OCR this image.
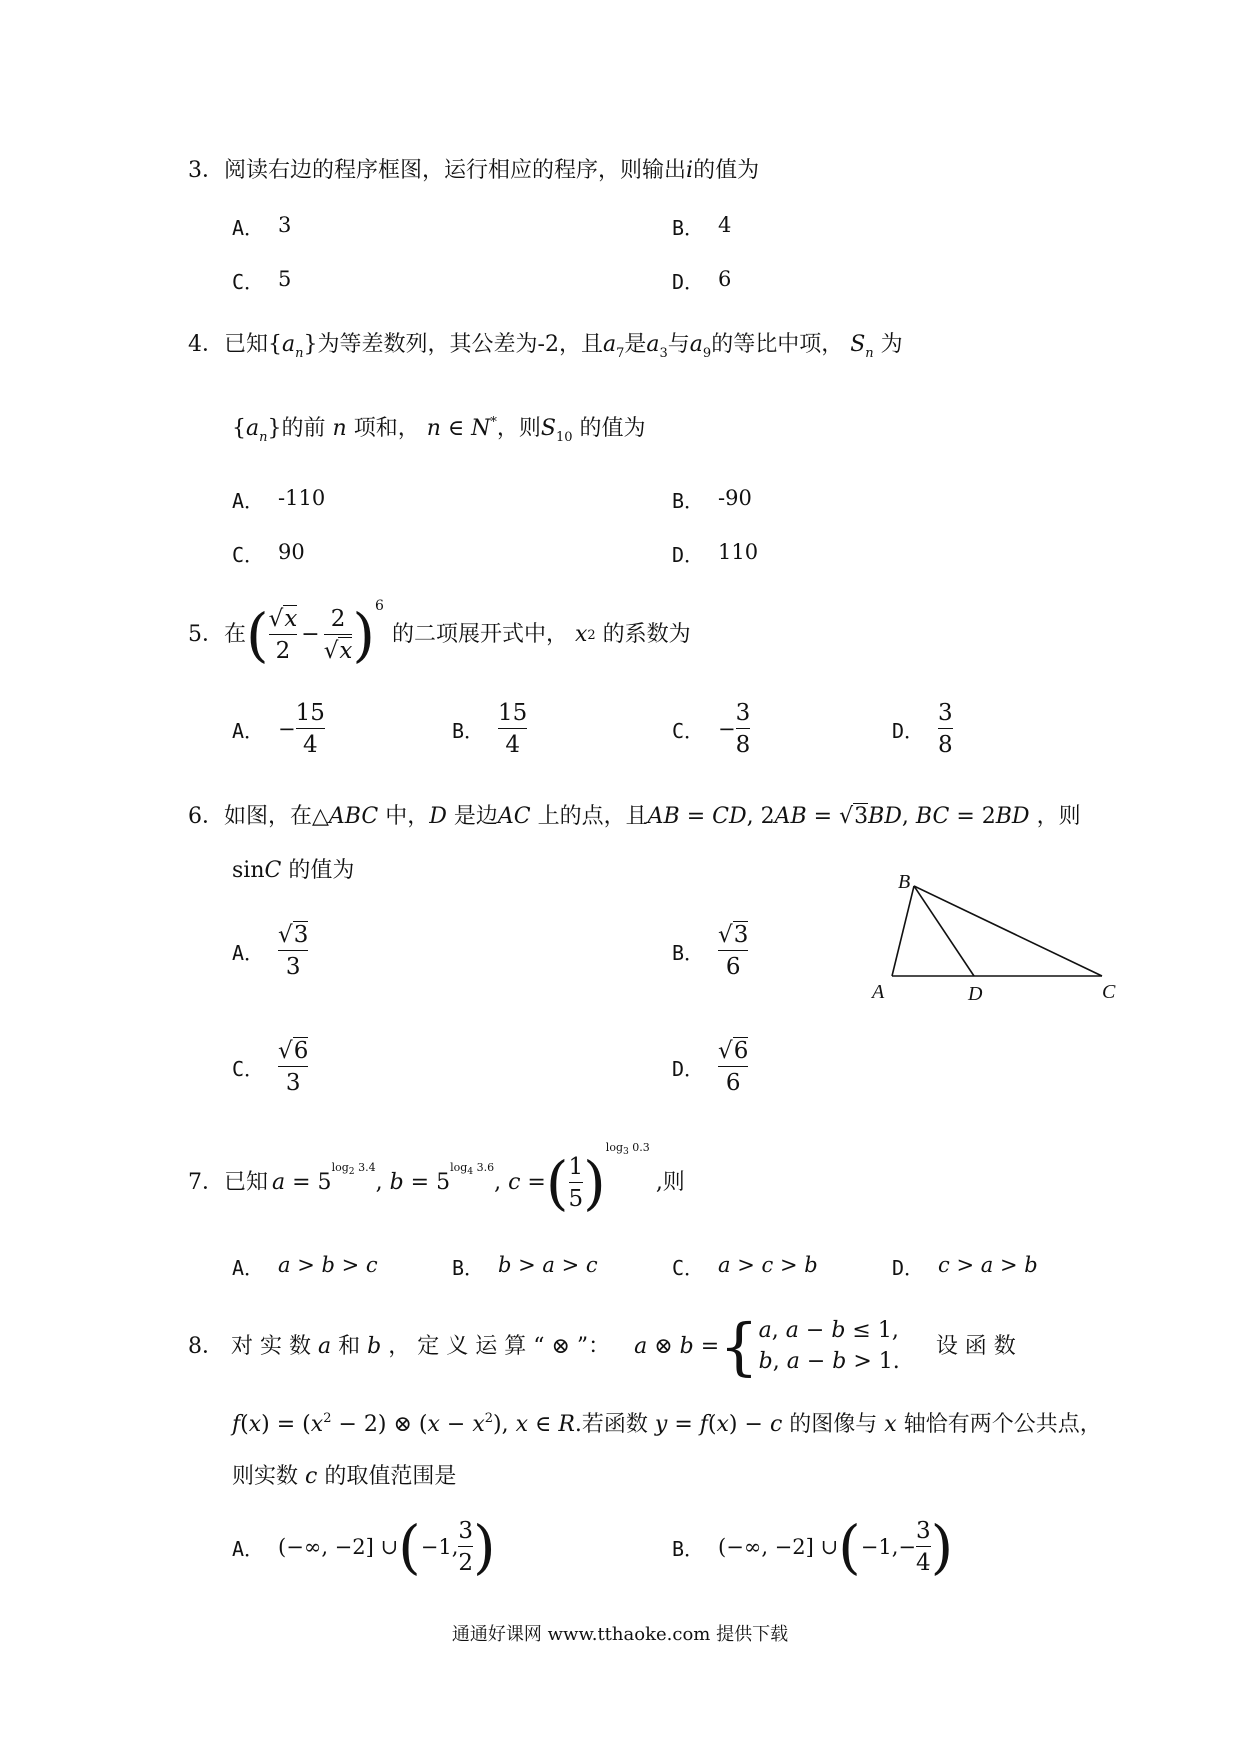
3．阅读右边的程序框图，运行相应的程序，则输出i的值为
A． 3	B． 4
C． 5	D． 6
4．已知$\{a_n\}$为等差数列，其公差为-2，且$a_7$是$a_3$与$a_9$的等比中项， $S_n$ 为
$\{a_n\}$的前 n 项和， n ∈ N*，则$S_{10}$ 的值为
A． -110	B． -90
C． 90	D． 110
5． 在 ( $\frac{√x}{2} - \frac{2}{√x}$ ) 6
的二项展开式中，
x 2
的系数为
A． − $\frac{15}{4}$	B． $\frac{15}{4}$	C． − $\frac{3}{8}$	D． $\frac{3}{8}$
6．如图，在△ABC 中，D 是边AC 上的点，且AB = CD, 2AB = √3BD, BC = 2BD ，则
sinC 的值为	B
A	D	C
A． $\frac{√3}{3}$	B． $\frac{√3}{6}$
C． $\frac{√6}{3}$	D． $\frac{√6}{6}$
7． 已知 a = 5
$\log_2 3.4$
, b = 5
$\log_4 3.6$
, c = ( $\frac{1}{5}$ )
$\log_3 0.3$
,则
A． a > b > c	B． b > a > c	C． a > c > b	D． c > a > b
8．
对 实 数
a
和
b
， 定 义 运 算 “ ⊗ ”： a ⊗ b = { a, a − b ≤ 1,
b, a − b > 1.
设 函 数
$f(x) = (x^2 - 2)$ ⊗ $(x - x^2)$, x ∈ R.若函数 y = f(x) − c 的图像与 x 轴恰有两个公共点，
则实数 c 的取值范围是
A． (−∞, −2] ∪ ( −1, $\frac{3}{2}$ )	B． (−∞, −2] ∪ ( −1, − $\frac{3}{4}$ )
通通好课网 www.tthaoke.com 提供下载
